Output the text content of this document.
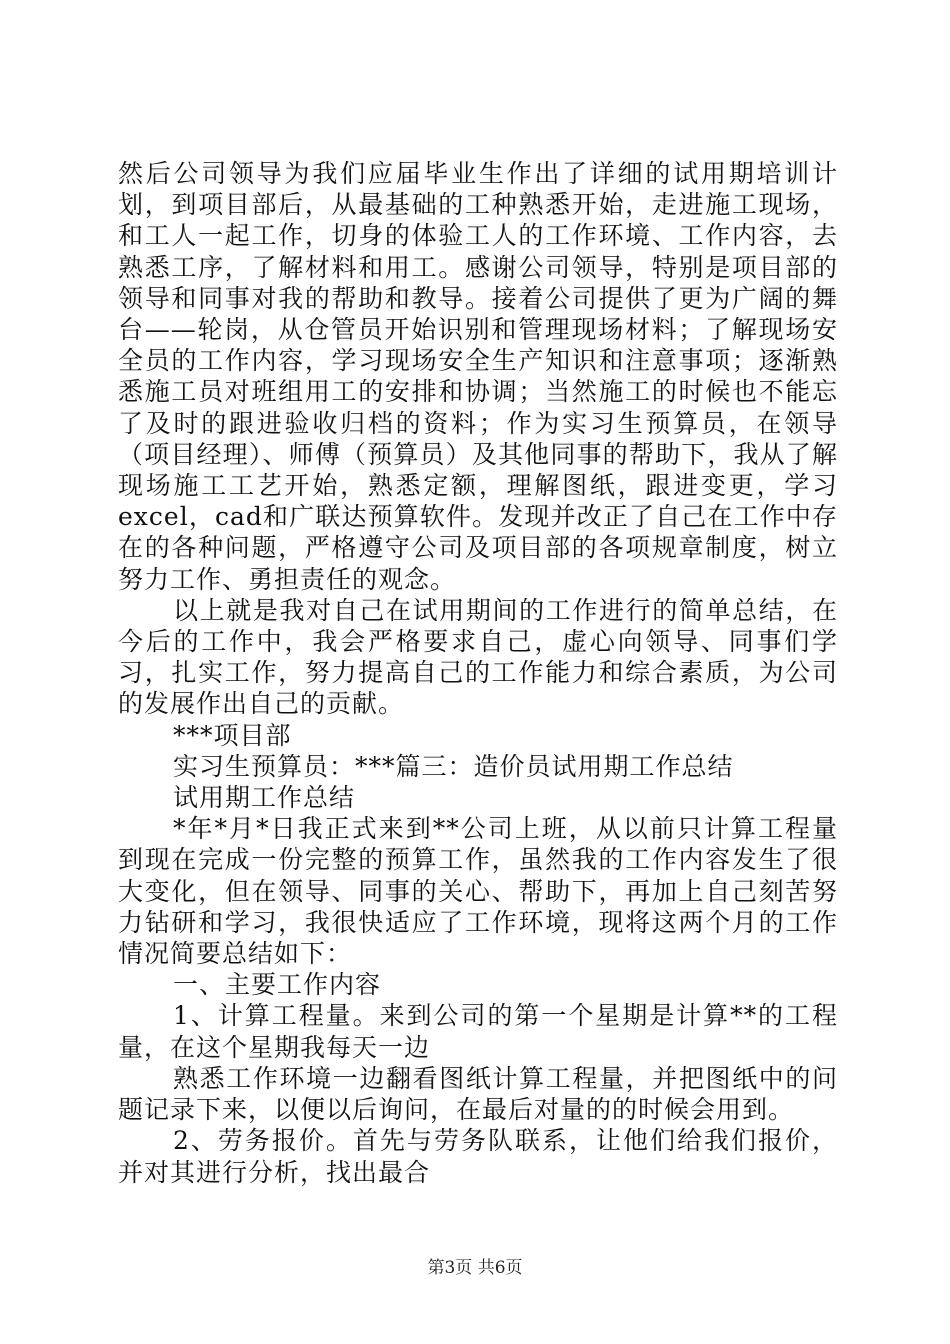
然后公司领导为我们应届毕业生作出了详细的试用期培训计划，到项目部后，从最基础的工种熟悉开始，走进施工现场，和工人一起工作，切身的体验工人的工作环境、工作内容，去熟悉工序，了解材料和用工。感谢公司领导，特别是项目部的领导和同事对我的帮助和教导。接着公司提供了更为广阔的舞台——轮岗，从仓管员开始识别和管理现场材料；了解现场安全员的工作内容，学习现场安全生产知识和注意事项；逐渐熟悉施工员对班组用工的安排和协调；当然施工的时候也不能忘了及时的跟进验收归档的资料；作为实习生预算员，在领导（项目经理）、师傅（预算员）及其他同事的帮助下，我从了解现场施工工艺开始，熟悉定额，理解图纸，跟进变更，学习excel，cad和广联达预算软件。发现并改正了自己在工作中存在的各种问题，严格遵守公司及项目部的各项规章制度，树立努力工作、勇担责任的观念。

以上就是我对自己在试用期间的工作进行的简单总结，在今后的工作中，我会严格要求自己，虚心向领导、同事们学习，扎实工作，努力提高自己的工作能力和综合素质，为公司的发展作出自己的贡献。

***项目部

实习生预算员：***篇三：造价员试用期工作总结

试用期工作总结

*年*月*日我正式来到**公司上班，从以前只计算工程量到现在完成一份完整的预算工作，虽然我的工作内容发生了很大变化，但在领导、同事的关心、帮助下，再加上自己刻苦努力钻研和学习，我很快适应了工作环境，现将这两个月的工作情况简要总结如下：

一、主要工作内容

1、计算工程量。来到公司的第一个星期是计算**的工程量，在这个星期我每天一边

熟悉工作环境一边翻看图纸计算工程量，并把图纸中的问题记录下来，以便以后询问，在最后对量的的时候会用到。

2、劳务报价。首先与劳务队联系，让他们给我们报价，并对其进行分析，找出最合

第3页 共6页
